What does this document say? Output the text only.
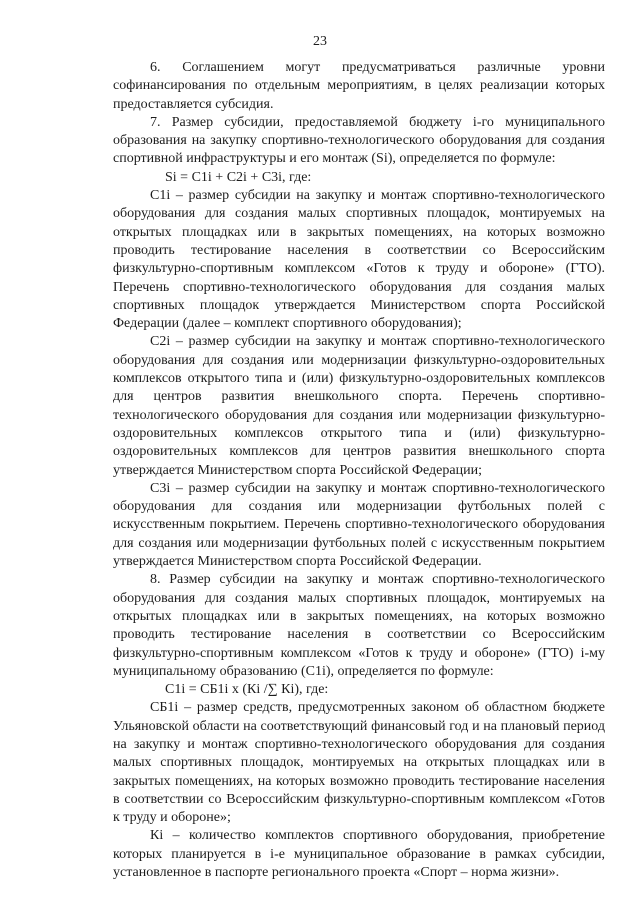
23

6. Соглашением могут предусматриваться различные уровни софинансирования по отдельным мероприятиям, в целях реализации которых предоставляется субсидия.

7. Размер субсидии, предоставляемой бюджету i-го муниципального образования на закупку спортивно-технологического оборудования для создания спортивной инфраструктуры и его монтаж (Si), определяется по формуле:

Si = С1i + С2i + С3i, где:

С1i – размер субсидии на закупку и монтаж спортивно-технологического оборудования для создания малых спортивных площадок, монтируемых на открытых площадках или в закрытых помещениях, на которых возможно проводить тестирование населения в соответствии со Всероссийским физкультурно-спортивным комплексом «Готов к труду и обороне» (ГТО). Перечень спортивно-технологического оборудования для создания малых спортивных площадок утверждается Министерством спорта Российской Федерации (далее – комплект спортивного оборудования);

С2i – размер субсидии на закупку и монтаж спортивно-технологического оборудования для создания или модернизации физкультурно-оздоровительных комплексов открытого типа и (или) физкультурно-оздоровительных комплексов для центров развития внешкольного спорта. Перечень спортивно-технологического оборудования для создания или модернизации физкультурно-оздоровительных комплексов открытого типа и (или) физкультурно-оздоровительных комплексов для центров развития внешкольного спорта утверждается Министерством спорта Российской Федерации;

С3i – размер субсидии на закупку и монтаж спортивно-технологического оборудования для создания или модернизации футбольных полей с искусственным покрытием. Перечень спортивно-технологического оборудования для создания или модернизации футбольных полей с искусственным покрытием утверждается Министерством спорта Российской Федерации.

8. Размер субсидии на закупку и монтаж спортивно-технологического оборудования для создания малых спортивных площадок, монтируемых на открытых площадках или в закрытых помещениях, на которых возможно проводить тестирование населения в соответствии со Всероссийским физкультурно-спортивным комплексом «Готов к труду и обороне» (ГТО) i-му муниципальному образованию (С1i), определяется по формуле:

С1i = СБ1i х (Кi /∑ Кi), где:

СБ1i – размер средств, предусмотренных законом об областном бюджете Ульяновской области на соответствующий финансовый год и на плановый период на закупку и монтаж спортивно-технологического оборудования для создания малых спортивных площадок, монтируемых на открытых площадках или в закрытых помещениях, на которых возможно проводить тестирование населения в соответствии со Всероссийским физкультурно-спортивным комплексом «Готов к труду и обороне»;

Кi – количество комплектов спортивного оборудования, приобретение которых планируется в i-е муниципальное образование в рамках субсидии, установленное в паспорте регионального проекта «Спорт – норма жизни».
